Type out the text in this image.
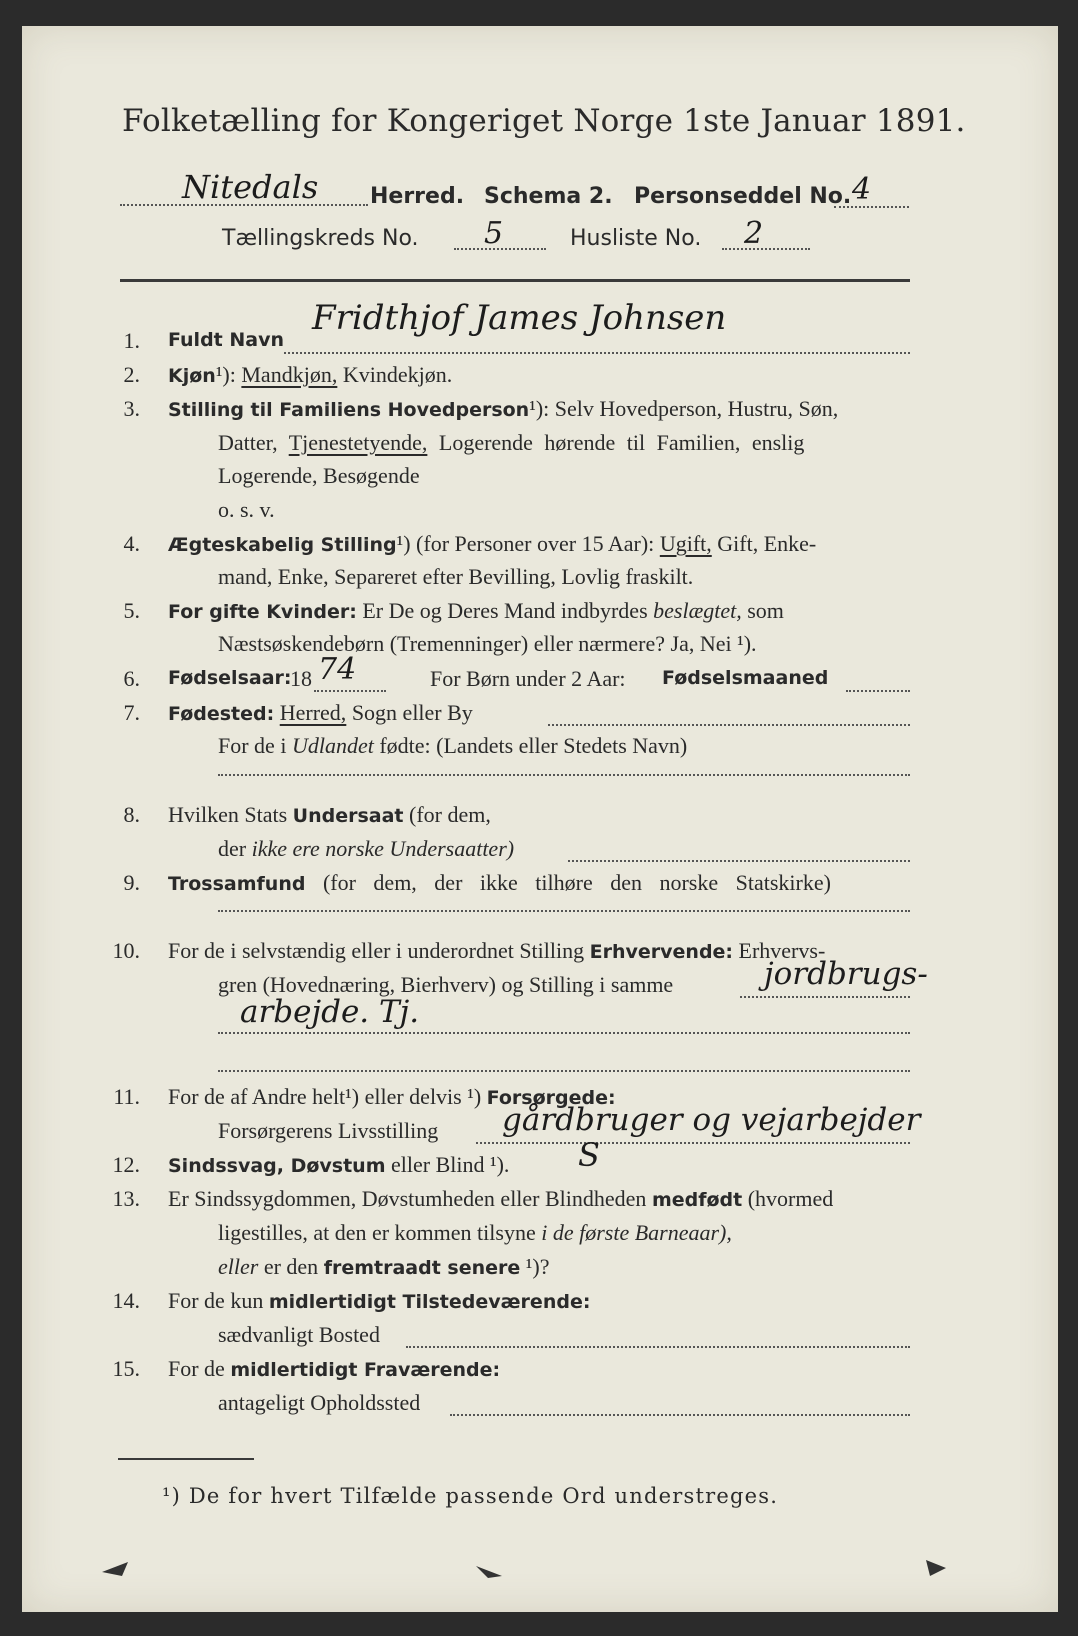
Folketælling for Kongeriget Norge 1ste Januar 1891.
Nitedals Herred. Schema 2. Personseddel No. 4
Tællingskreds No. 5	Husliste No. 2
1. Fuldt Navn
Fridthjof James Johnsen
2. Kjøn¹): Mandkjøn, Kvindekjøn.
3. Stilling til Familiens Hovedperson¹): Selv Hovedperson, Hustru, Søn,
Datter, Tjenestetyende, Logerende hørende til Familien, enslig
Logerende, Besøgende
o. s. v.
4. Ægteskabelig Stilling¹) (for Personer over 15 Aar): Ugift, Gift, Enke-
mand, Enke, Separeret efter Bevilling, Lovlig fraskilt.
5. For gifte Kvinder: Er De og Deres Mand indbyrdes beslægtet, som
Næstsøskendebørn (Tremenninger) eller nærmere? Ja, Nei ¹).
6. Fødselsaar:
18 74	For Børn under 2 Aar: Fødselsmaaned
7. Fødested: Herred, Sogn eller By
For de i Udlandet fødte: (Landets eller Stedets Navn)
8. Hvilken Stats Undersaat (for dem,
der ikke ere norske Undersaatter)
9. Trossamfund (for dem, der ikke tilhøre den norske Statskirke)
10. For de i selvstændig eller i underordnet Stilling Erhvervende: Erhvervs-
gren (Hovednæring, Bierhverv) og Stilling i samme	jordbrugs-
arbejde. Tj.
11. For de af Andre helt¹) eller delvis ¹) Forsørgede:
Forsørgerens Livsstilling gårdbruger og vejarbejder
12. Sindssvag, Døvstum eller Blind ¹). S
13. Er Sindssygdommen, Døvstumheden eller Blindheden medfødt (hvormed
ligestilles, at den er kommen tilsyne i de første Barneaar),
eller er den fremtraadt senere ¹)?
14. For de kun midlertidigt Tilstedeværende:
sædvanligt Bosted
15. For de midlertidigt Fraværende:
antageligt Opholdssted
¹) De for hvert Tilfælde passende Ord understreges.
